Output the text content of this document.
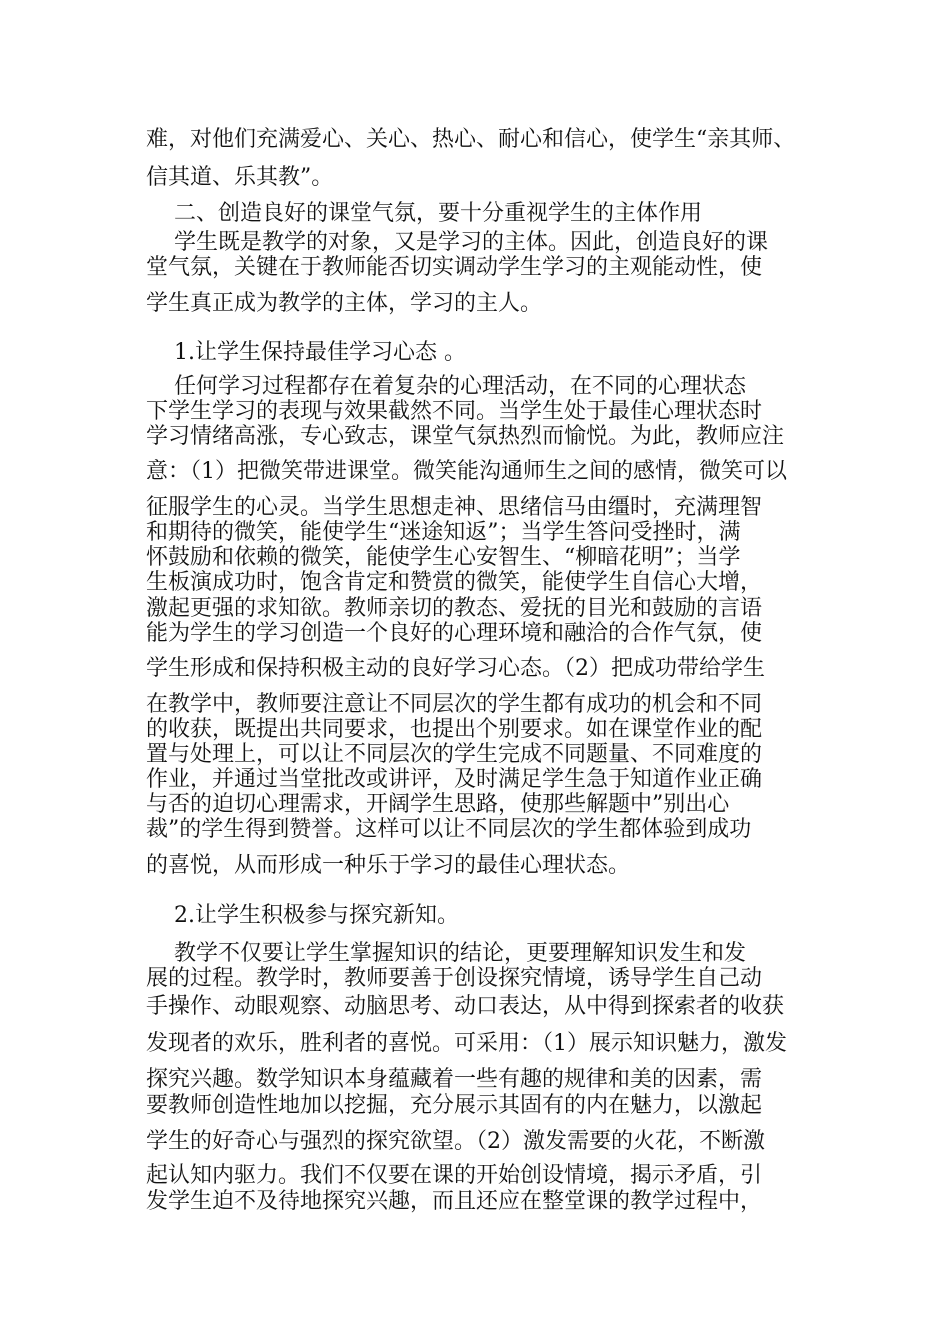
难，对他们充满爱心、关心、热心、耐心和信心，使学生“亲其师、
信其道、乐其教”。
二、创造良好的课堂气氛，要十分重视学生的主体作用
学生既是教学的对象，又是学习的主体。因此，创造良好的课
堂气氛，关键在于教师能否切实调动学生学习的主观能动性，使
学生真正成为教学的主体，学习的主人。
1.让学生保持最佳学习心态 。
任何学习过程都存在着复杂的心理活动，在不同的心理状态
下学生学习的表现与效果截然不同。当学生处于最佳心理状态时
学习情绪高涨，专心致志，课堂气氛热烈而愉悦。为此，教师应注
意：（1）把微笑带进课堂。微笑能沟通师生之间的感情，微笑可以
征服学生的心灵。当学生思想走神、思绪信马由缰时，充满理智
和期待的微笑，能使学生“迷途知返”；当学生答问受挫时，满
怀鼓励和依赖的微笑，能使学生心安智生、“柳暗花明”；当学
生板演成功时，饱含肯定和赞赏的微笑，能使学生自信心大增，
激起更强的求知欲。教师亲切的教态、爱抚的目光和鼓励的言语
能为学生的学习创造一个良好的心理环境和融洽的合作气氛，使
学生形成和保持积极主动的良好学习心态。（2）把成功带给学生
在教学中，教师要注意让不同层次的学生都有成功的机会和不同
的收获，既提出共同要求，也提出个别要求。如在课堂作业的配
置与处理上，可以让不同层次的学生完成不同题量、不同难度的
作业，并通过当堂批改或讲评，及时满足学生急于知道作业正确
与否的迫切心理需求，开阔学生思路，使那些解题中”别出心
裁”的学生得到赞誉。这样可以让不同层次的学生都体验到成功
的喜悦，从而形成一种乐于学习的最佳心理状态。
2.让学生积极参与探究新知。
教学不仅要让学生掌握知识的结论，更要理解知识发生和发
展的过程。教学时，教师要善于创设探究情境，诱导学生自己动
手操作、动眼观察、动脑思考、动口表达，从中得到探索者的收获
发现者的欢乐，胜利者的喜悦。可采用：（1）展示知识魅力，激发
探究兴趣。数学知识本身蕴藏着一些有趣的规律和美的因素，需
要教师创造性地加以挖掘，充分展示其固有的内在魅力，以激起
学生的好奇心与强烈的探究欲望。（2）激发需要的火花，不断激
起认知内驱力。我们不仅要在课的开始创设情境，揭示矛盾，引
发学生迫不及待地探究兴趣，而且还应在整堂课的教学过程中，
